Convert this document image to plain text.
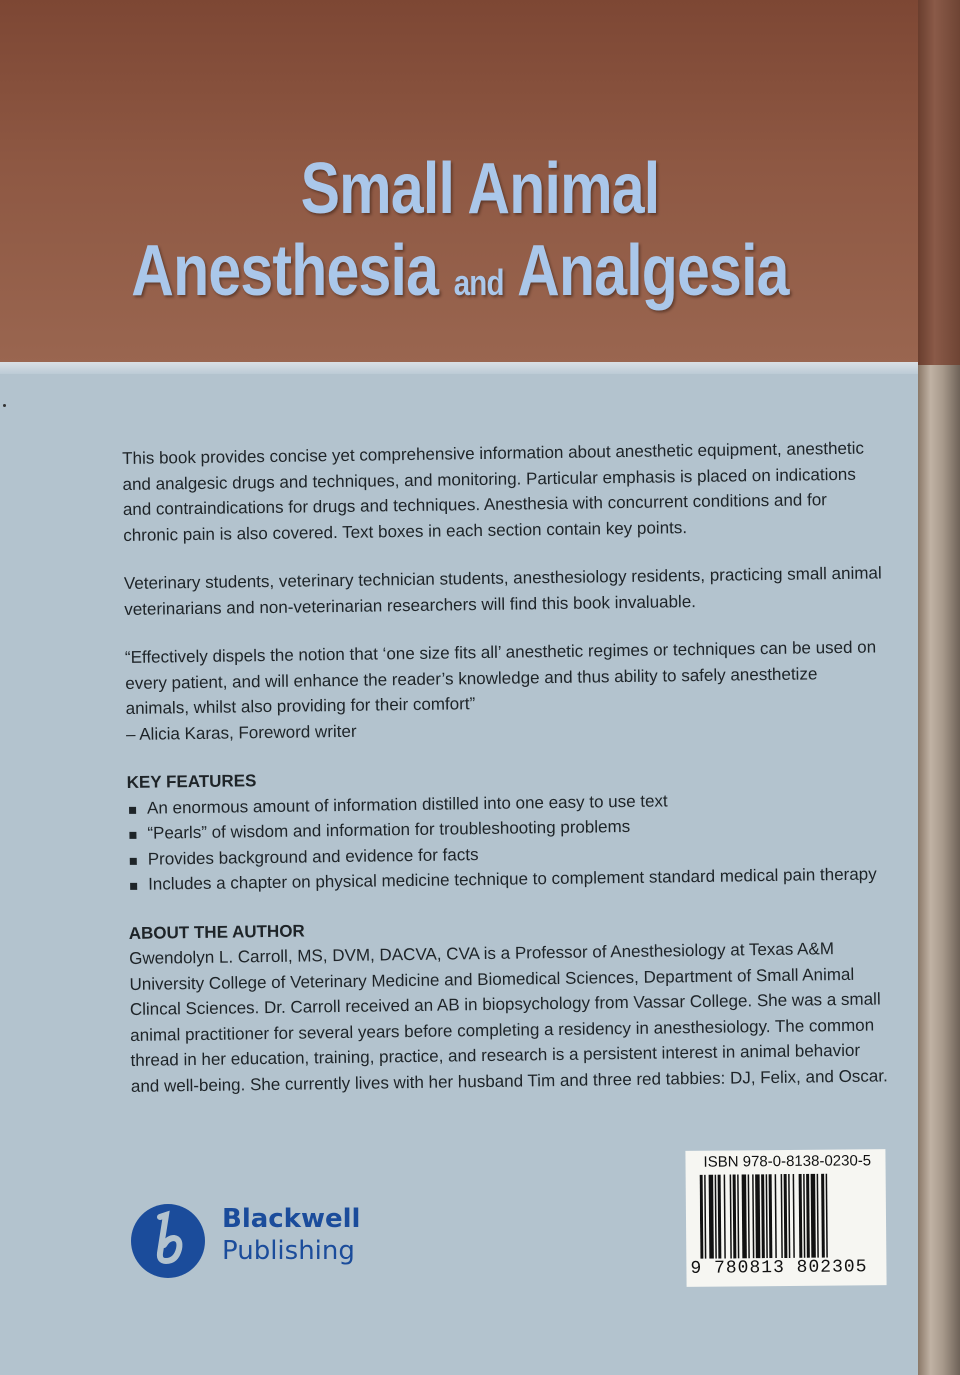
Small Animal
Anesthesia and Analgesia

This book provides concise yet comprehensive information about anesthetic equipment, anesthetic and analgesic drugs and techniques, and monitoring. Particular emphasis is placed on indications and contraindications for drugs and techniques. Anesthesia with concurrent conditions and for chronic pain is also covered. Text boxes in each section contain key points.

Veterinary students, veterinary technician students, anesthesiology residents, practicing small animal veterinarians and non-veterinarian researchers will find this book invaluable.

“Effectively dispels the notion that ‘one size fits all’ anesthetic regimes or techniques can be used on every patient, and will enhance the reader’s knowledge and thus ability to safely anesthetize animals, whilst also providing for their comfort”

– Alicia Karas, Foreword writer

KEY FEATURES

An enormous amount of information distilled into one easy to use text
“Pearls” of wisdom and information for troubleshooting problems
Provides background and evidence for facts
Includes a chapter on physical medicine technique to complement standard medical pain therapy

ABOUT THE AUTHOR

Gwendolyn L. Carroll, MS, DVM, DACVA, CVA is a Professor of Anesthesiology at Texas A&M University College of Veterinary Medicine and Biomedical Sciences, Department of Small Animal Clincal Sciences. Dr. Carroll received an AB in biopsychology from Vassar College. She was a small animal practitioner for several years before completing a residency in anesthesiology. The common thread in her education, training, practice, and research is a persistent interest in animal behavior and well-being. She currently lives with her husband Tim and three red tabbies: DJ, Felix, and Oscar.

Blackwell
Publishing
ISBN 978-0-8138-0230-5
9 780813 802305
